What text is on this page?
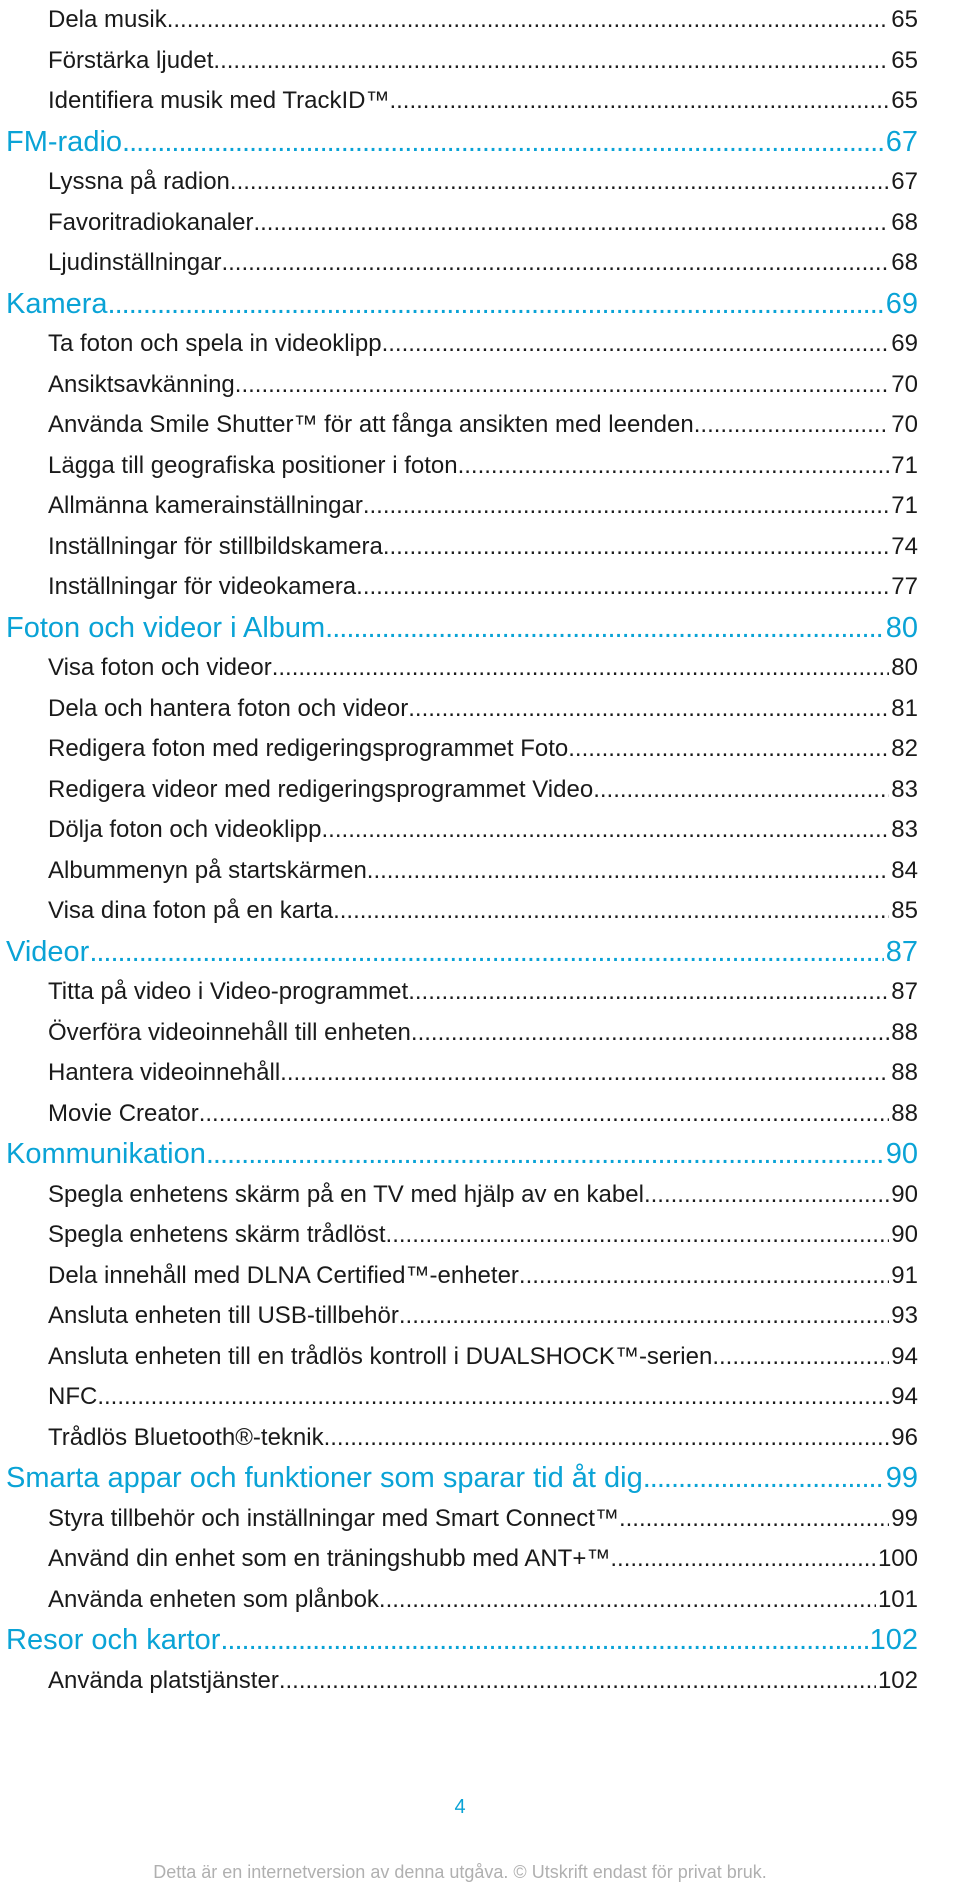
Dela musik .....	65
Förstärka ljudet .....	65
Identifiera musik med TrackID™ .....	65
FM-radio .....	67
Lyssna på radion .....	67
Favoritradiokanaler .....	68
Ljudinställningar .....	68
Kamera .....	69
Ta foton och spela in videoklipp .....	69
Ansiktsavkänning .....	70
Använda Smile Shutter™ för att fånga ansikten med leenden .....	70
Lägga till geografiska positioner i foton .....	71
Allmänna kamerainställningar .....	71
Inställningar för stillbildskamera .....	74
Inställningar för videokamera .....	77
Foton och videor i Album .....	80
Visa foton och videor .....	80
Dela och hantera foton och videor .....	81
Redigera foton med redigeringsprogrammet Foto .....	82
Redigera videor med redigeringsprogrammet Video .....	83
Dölja foton och videoklipp .....	83
Albummenyn på startskärmen .....	84
Visa dina foton på en karta .....	85
Videor .....	87
Titta på video i Video-programmet .....	87
Överföra videoinnehåll till enheten .....	88
Hantera videoinnehåll .....	88
Movie Creator .....	88
Kommunikation .....	90
Spegla enhetens skärm på en TV med hjälp av en kabel .....	90
Spegla enhetens skärm trådlöst .....	90
Dela innehåll med DLNA Certified™-enheter .....	91
Ansluta enheten till USB-tillbehör .....	93
Ansluta enheten till en trådlös kontroll i DUALSHOCK™-serien .....	94
NFC .....	94
Trådlös Bluetooth®-teknik .....	96
Smarta appar och funktioner som sparar tid åt dig .....	99
Styra tillbehör och inställningar med Smart Connect™ .....	99
Använd din enhet som en träningshubb med ANT+™ .....	100
Använda enheten som plånbok .....	101
Resor och kartor .....	102
Använda platstjänster .....	102
4
Detta är en internetversion av denna utgåva. © Utskrift endast för privat bruk.
